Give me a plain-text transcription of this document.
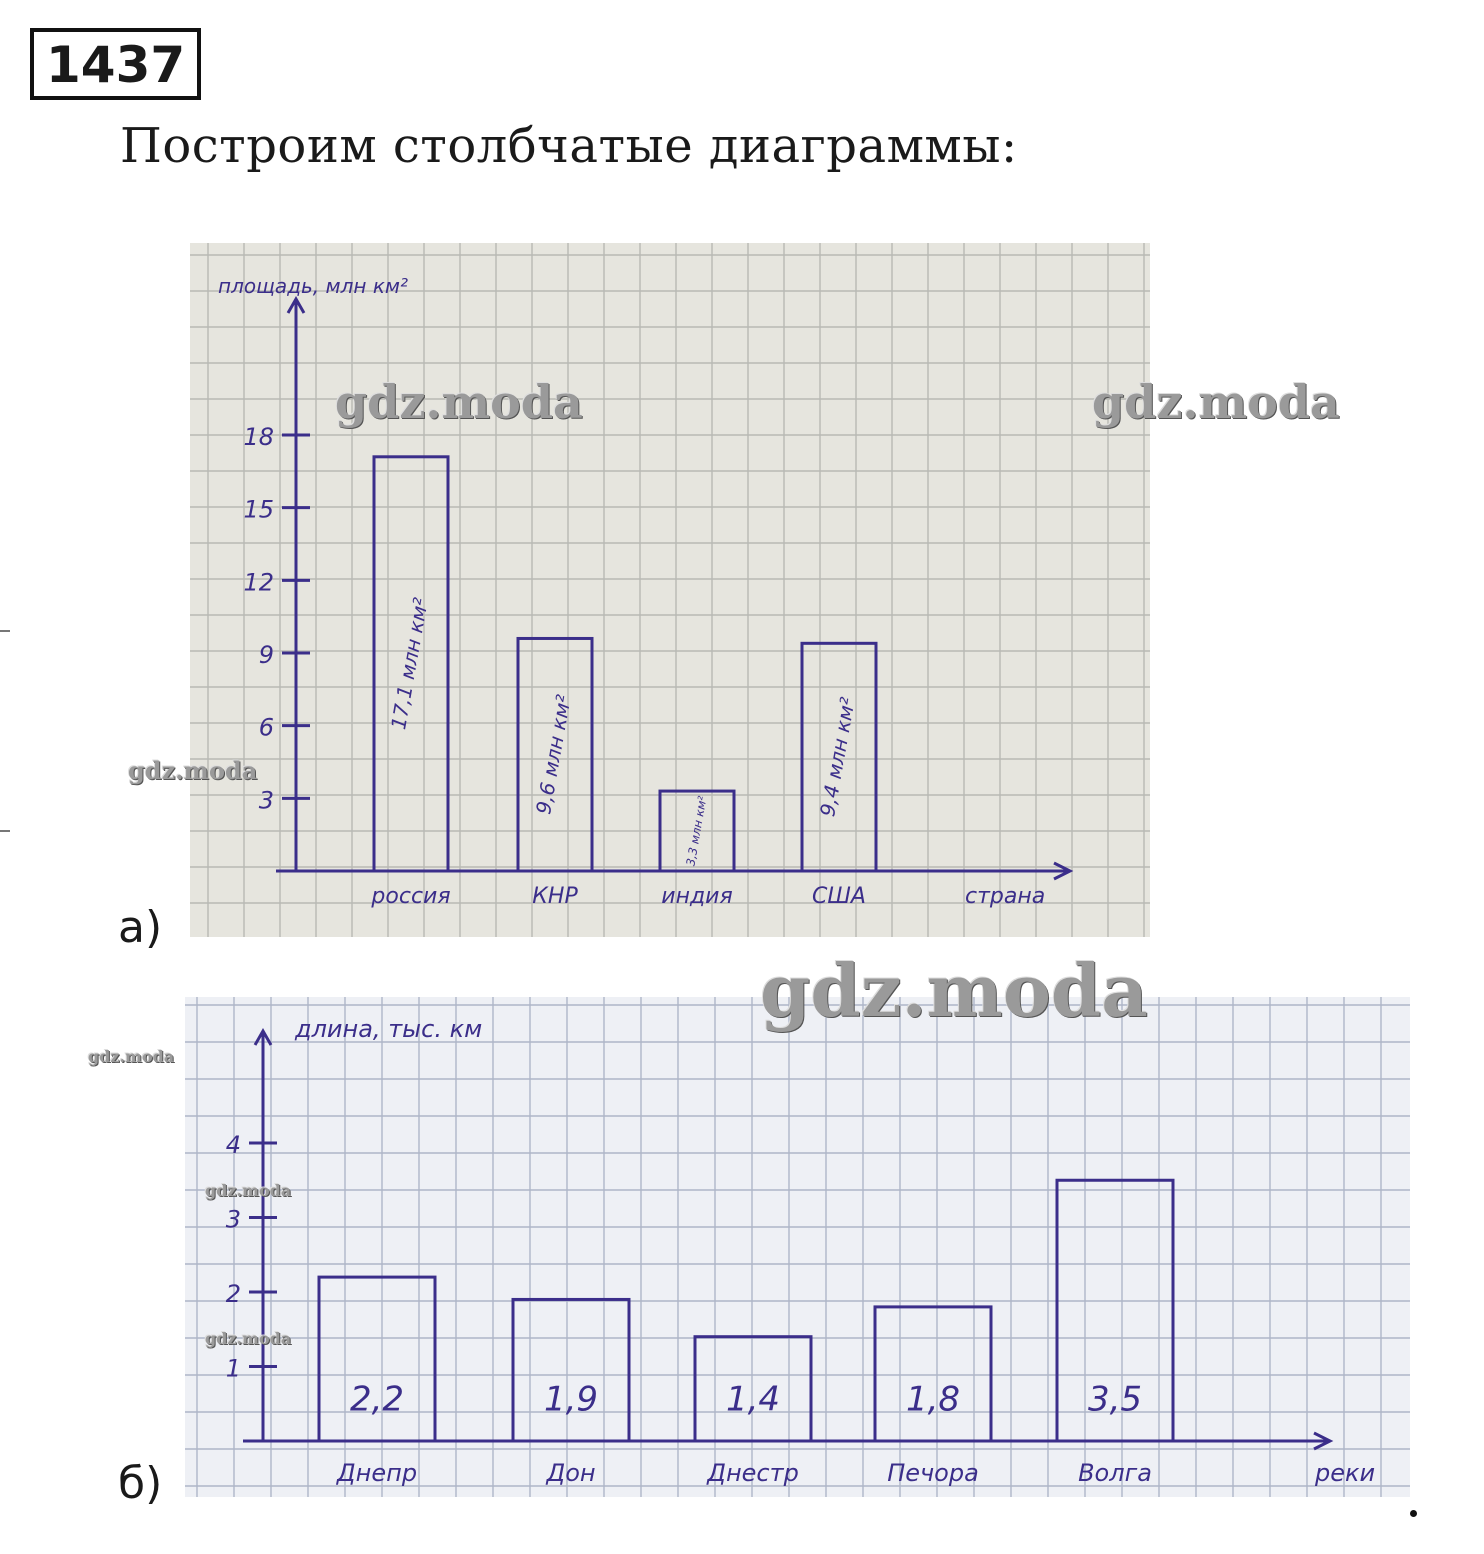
1437
Построим столбчатые диаграммы:
а)
площадь, млн км²
страна
3
6
9
12
15
18
россия
17,1 млн км²
КНР
9,6 млн км²
индия
3,3 млн км²
США
9,4 млн км²
б)
длина, тыс. км
реки
1
2
3
4
Днепр
2,2
Дон
1,9
Днестр
1,4
Печора
1,8
Волга
3,5
gdz.moda	gdz.moda
gdz.moda
gdz.moda
gdz.moda
gdz.moda
gdz.moda
